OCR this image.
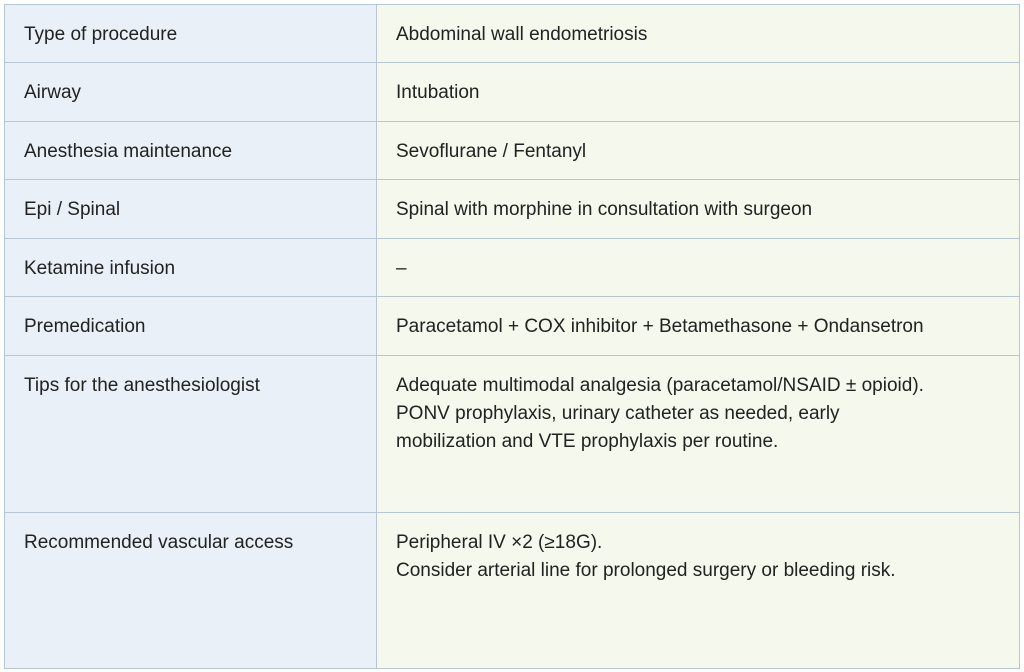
Type of procedure	Abdominal wall endometriosis

Airway	Intubation

Anesthesia maintenance	Sevoflurane / Fentanyl

Epi / Spinal	Spinal with morphine in consultation with surgeon

Ketamine infusion	–

Premedication	Paracetamol + COX inhibitor + Betamethasone + Ondansetron

Tips for the anesthesiologist	Adequate multimodal analgesia (paracetamol/NSAID ± opioid).
PONV prophylaxis, urinary catheter as needed, early
mobilization and VTE prophylaxis per routine.

Recommended vascular access	Peripheral IV ×2 (≥18G).
Consider arterial line for prolonged surgery or bleeding risk.
